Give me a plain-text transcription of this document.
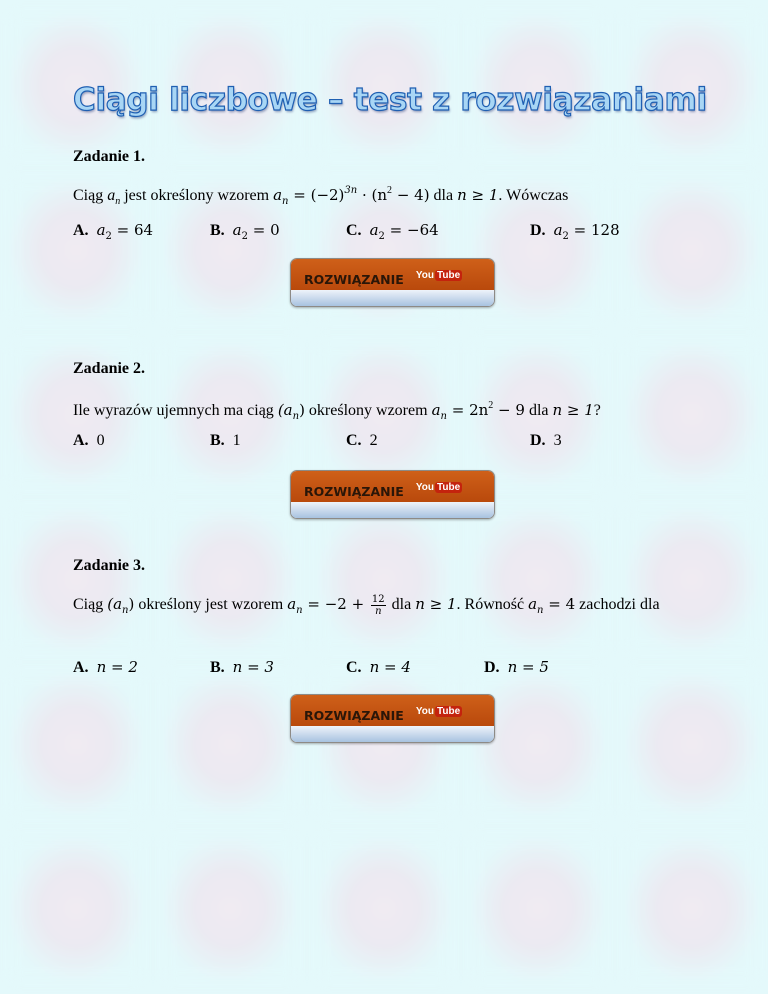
Ciągi liczbowe – test z rozwiązaniami
Zadanie 1.
Ciąg $a_n$ jest określony wzorem $a_n = (-2)^{3n} \cdot (n^2 - 4)$ dla n ≥ 1. Wówczas
A. $a_2 = 64$	B. $a_2 = 0$	C. $a_2 = -64$	D. $a_2 = 128$
ROZWIĄZANIE You Tube
Zadanie 2.
Ile wyrazów ujemnych ma ciąg $(a_n)$ określony wzorem $a_n = 2n^2 - 9$ dla n ≥ 1?
A. 0	B. 1	C. 2	D. 3
ROZWIĄZANIE You Tube
Zadanie 3.
Ciąg $(a_n)$ określony jest wzorem $a_n = -2 + \frac{12}{n}$ dla n ≥ 1. Równość $a_n = 4$ zachodzi dla
A. n = 2	B. n = 3	C. n = 4	D. n = 5
ROZWIĄZANIE You Tube
